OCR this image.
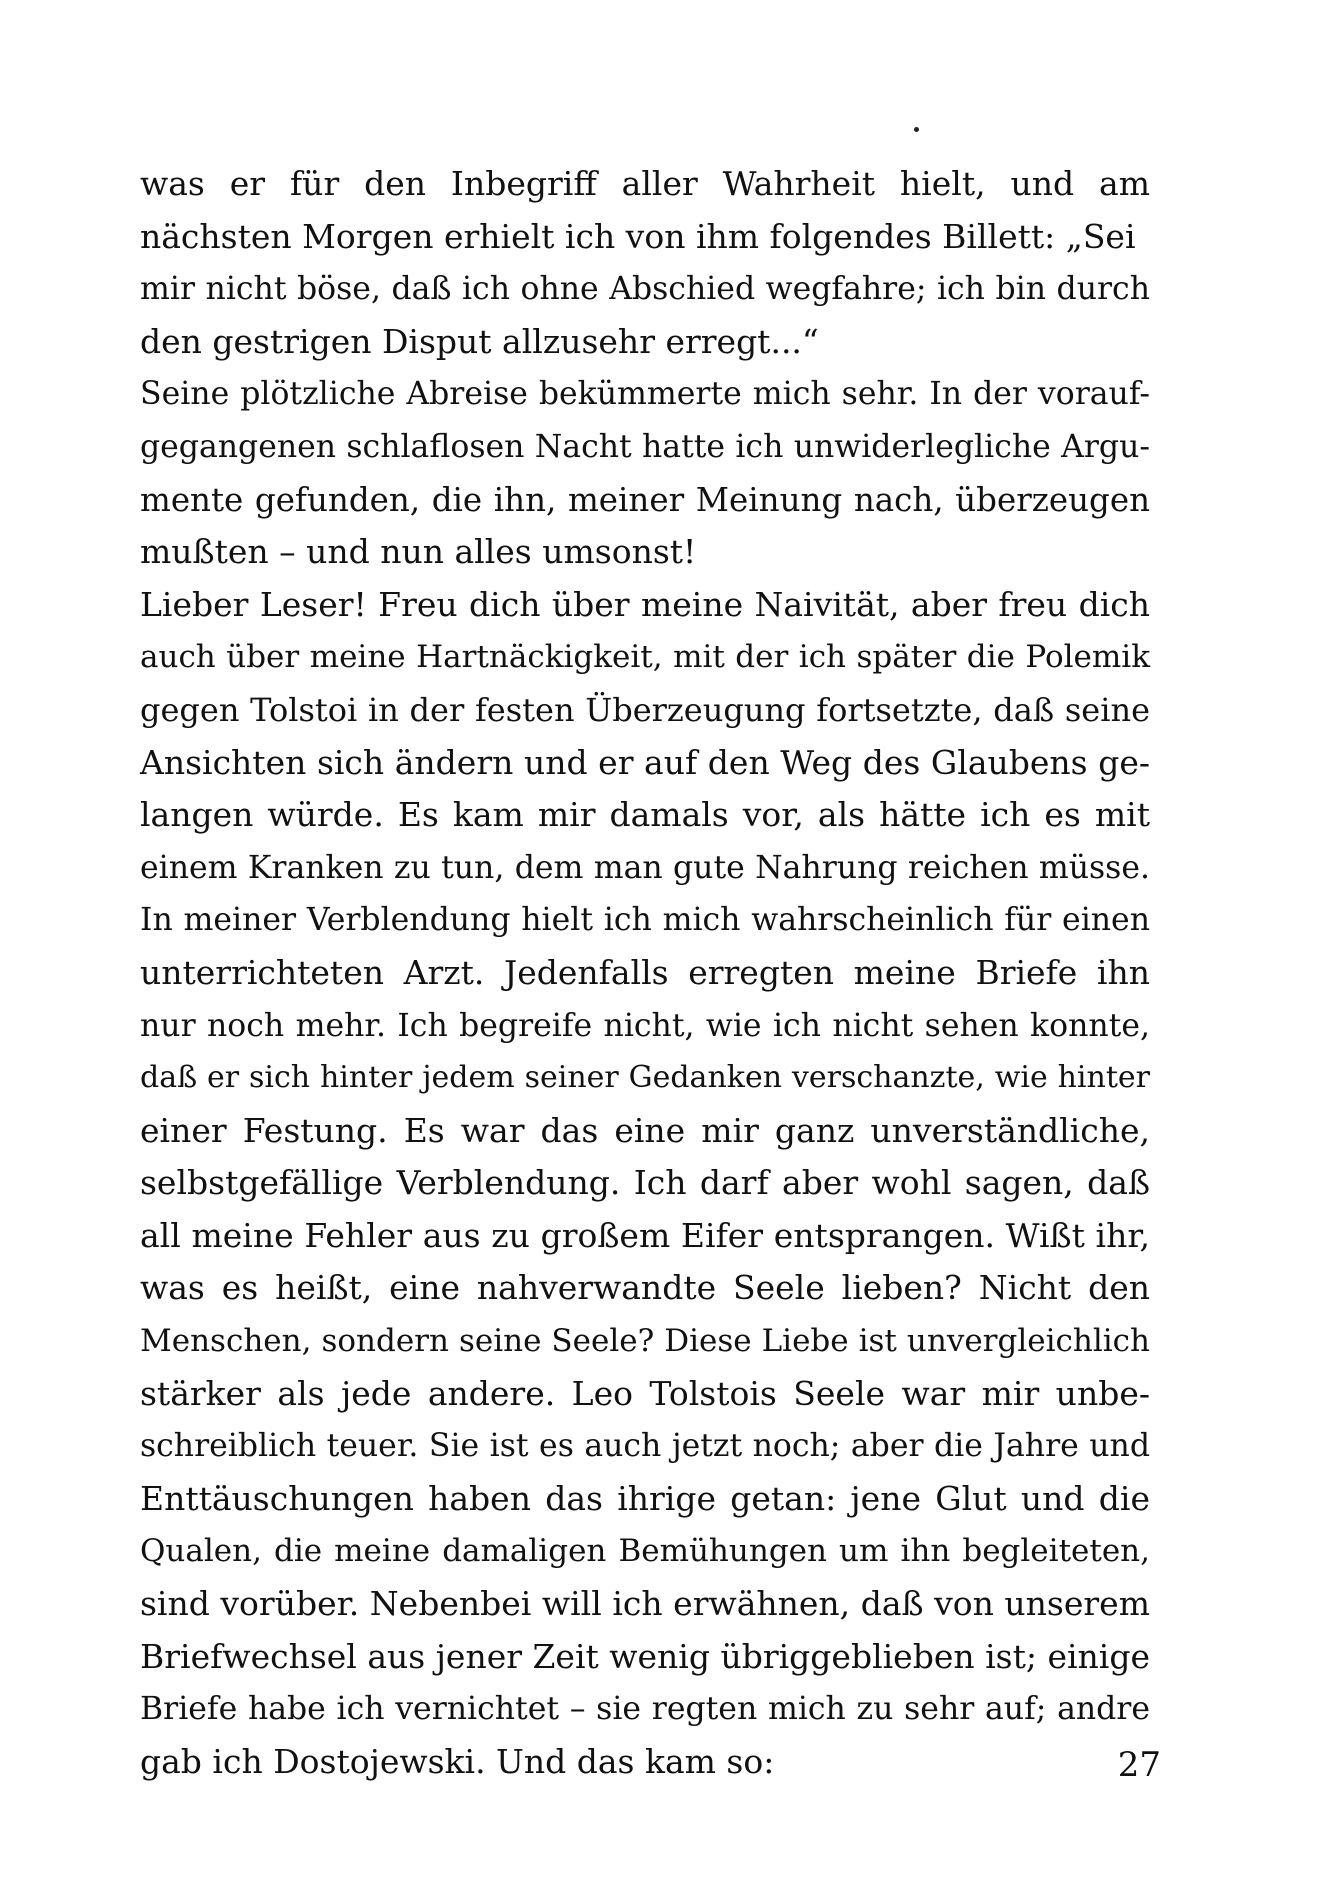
was er für den Inbegriff aller Wahrheit hielt, und am
nächsten Morgen erhielt ich von ihm folgendes Billett: „Sei
mir nicht böse, daß ich ohne Abschied wegfahre; ich bin durch
den gestrigen Disput allzusehr erregt...“
Seine plötzliche Abreise bekümmerte mich sehr. In der vorauf-
gegangenen schlaflosen Nacht hatte ich unwiderlegliche Argu-
mente gefunden, die ihn, meiner Meinung nach, überzeugen
mußten – und nun alles umsonst!
Lieber Leser! Freu dich über meine Naivität, aber freu dich
auch über meine Hartnäckigkeit, mit der ich später die Polemik
gegen Tolstoi in der festen Überzeugung fortsetzte, daß seine
Ansichten sich ändern und er auf den Weg des Glaubens ge-
langen würde. Es kam mir damals vor, als hätte ich es mit
einem Kranken zu tun, dem man gute Nahrung reichen müsse.
In meiner Verblendung hielt ich mich wahrscheinlich für einen
unterrichteten Arzt. Jedenfalls erregten meine Briefe ihn
nur noch mehr. Ich begreife nicht, wie ich nicht sehen konnte,
daß er sich hinter jedem seiner Gedanken verschanzte, wie hinter
einer Festung. Es war das eine mir ganz unverständliche,
selbstgefällige Verblendung. Ich darf aber wohl sagen, daß
all meine Fehler aus zu großem Eifer entsprangen. Wißt ihr,
was es heißt, eine nahverwandte Seele lieben? Nicht den
Menschen, sondern seine Seele? Diese Liebe ist unvergleichlich
stärker als jede andere. Leo Tolstois Seele war mir unbe-
schreiblich teuer. Sie ist es auch jetzt noch; aber die Jahre und
Enttäuschungen haben das ihrige getan: jene Glut und die
Qualen, die meine damaligen Bemühungen um ihn begleiteten,
sind vorüber. Nebenbei will ich erwähnen, daß von unserem
Briefwechsel aus jener Zeit wenig übriggeblieben ist; einige
Briefe habe ich vernichtet – sie regten mich zu sehr auf; andre
gab ich Dostojewski. Und das kam so:	27
